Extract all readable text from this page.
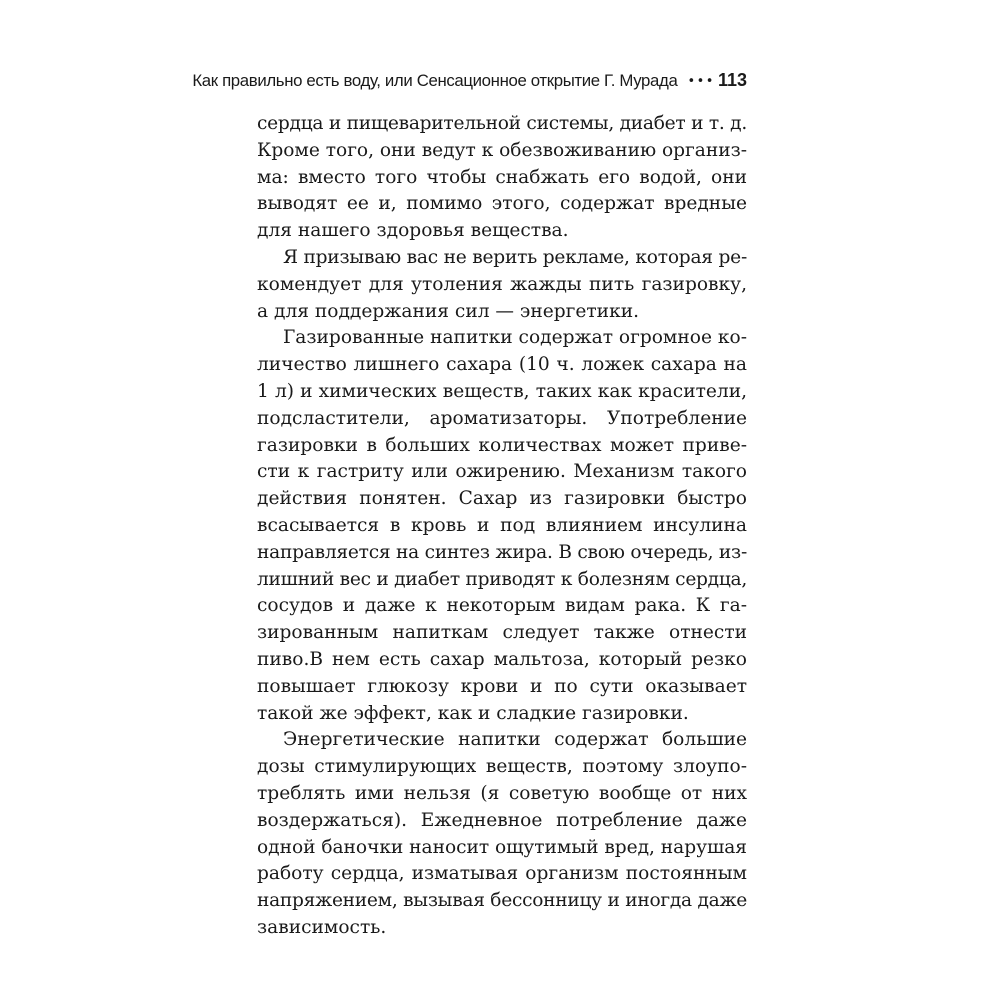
Как правильно есть воду, или Сенсационное открытие Г. Мурада ••• 113
сердца и пищеварительной системы, диабет и т. д.
Кроме того, они ведут к обезвоживанию организ-
ма: вместо того чтобы снабжать его водой, они
выводят ее и, помимо этого, содержат вредные
для нашего здоровья вещества.
Я призываю вас не верить рекламе, которая ре-
комендует для утоления жажды пить газировку,
а для поддержания сил — энергетики.
Газированные напитки содержат огромное ко-
личество лишнего сахара (10 ч. ложек сахара на
1 л) и химических веществ, таких как красители,
подсластители, ароматизаторы. Употребление
газировки в больших количествах может приве-
сти к гастриту или ожирению. Механизм такого
действия понятен. Сахар из газировки быстро
всасывается в кровь и под влиянием инсулина
направляется на синтез жира. В свою очередь, из-
лишний вес и диабет приводят к болезням сердца,
сосудов и даже к некоторым видам рака. К га-
зированным напиткам следует также отнести
пиво.В нем есть сахар мальтоза, который резко
повышает глюкозу крови и по сути оказывает
такой же эффект, как и сладкие газировки.
Энергетические напитки содержат большие
дозы стимулирующих веществ, поэтому злоупо-
треблять ими нельзя (я советую вообще от них
воздержаться). Ежедневное потребление даже
одной баночки наносит ощутимый вред, нарушая
работу сердца, изматывая организм постоянным
напряжением, вызывая бессонницу и иногда даже
зависимость.
